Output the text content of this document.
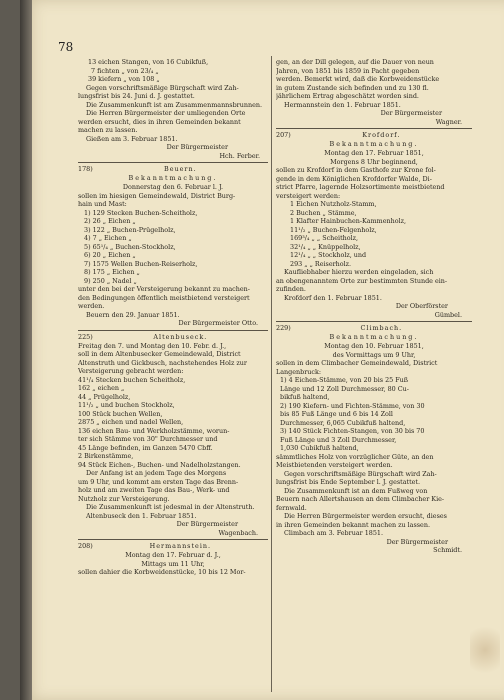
78
13 eichen Stangen, von 16 Cubikfuß,
7 fichten „ von 23/₄ „
39 kiefern „ von 108 „
Gegen vorschriftsmäßige Bürgschaft wird Zah-
lungsfrist bis 24. Juni d. J. gestattet.
Die Zusammenkunft ist am Zusammenmannsbrunnen.
Die Herren Bürgermeister der umliegenden Orte
werden ersucht, dies in ihren Gemeinden bekannt
machen zu lassen.
Gießen am 3. Februar 1851.
Der Bürgermeister
Hch. Ferber.
178)	Beuern.
Bekanntmachung.
Donnerstag den 6. Februar l. J.
sollen im hiesigen Gemeindewald, District Burg-
hain und Mast:
1) 129 Stecken Buchen-Scheitholz,
2) 26 „ Eichen „
3) 122 „ Buchen-Prügelholz,
4) 7 „ Eichen „
5) 65¹/₄ „ Buchen-Stockholz,
6) 20 „ Eichen „
7) 1575 Wellen Buchen-Reiserholz,
8) 175 „ Eichen „
9) 250 „ Nadel „
unter den bei der Versteigerung bekannt zu machen-
den Bedingungen öffentlich meistbietend versteigert
werden.
Beuern den 29. Januar 1851.
Der Bürgermeister Otto.
225)	Altenbuseck.
Freitag den 7. und Montag den 10. Febr. d. J.,
soll in dem Altenbusecker Gemeindewald, District
Altenstruth und Gickbusch, nachstehendes Holz zur
Versteigerung gebracht werden:
41¹/₄ Stecken buchen Scheitholz,
162 „ eichen „
44 „ Prügelholz,
11¹/₂ „ und buchen Stockholz,
100 Stück buchen Wellen,
2875 „ eichen und nadel Wellen,
136 eichen Bau- und Werkholzstämme, worun-
ter sich Stämme von 30" Durchmesser und
45 Länge befinden, im Ganzen 5470 Cbff.
2 Birkenstämme,
94 Stück Eichen-, Buchen- und Nadelholzstangen.
Der Anfang ist an jedem Tage des Morgens
um 9 Uhr, und kommt am ersten Tage das Brenn-
holz und am zweiten Tage das Bau-, Werk- und
Nutzholz zur Versteigerung.
Die Zusammenkunft ist jedesmal in der Altenstruth.
Altenbuseck den 1. Februar 1851.
Der Bürgermeister
Wagenbach.
208)	Hermannstein.
Montag den 17. Februar d. J.,
Mittags um 11 Uhr,
sollen dahier die Korbweidenstücke, 10 bis 12 Mor-
gen, an der Dill gelegen, auf die Dauer von neun
Jahren, von 1851 bis 1859 in Pacht gegeben
werden. Bemerkt wird, daß die Korbweidenstücke
in gutem Zustande sich befinden und zu 130 fl.
jährlichem Ertrag abgeschätzt worden sind.
Hermannstein den 1. Februar 1851.
Der Bürgermeister
Wagner.
207)	Krofdorf.
Bekanntmachung.
Montag den 17. Februar 1851,
Morgens 8 Uhr beginnend,
sollen zu Krofdorf in dem Gasthofe zur Krone fol-
gende in dem Königlichen Krofdorfer Walde, Di-
strict Pfarre, lagernde Holzsortimente meistbietend
versteigert werden:
1 Eichen Nutzholz-Stamm,
2 Buchen „ Stämme,
1 Klafter Hainbuchen-Kammenholz,
11¹/₂ „ Buchen-Felgenholz,
169³/₄ „ „ Scheitholz,
32¹/₄ „ „ Knüppelholz,
12¹/₄ „ „ Stockholz, und
293 „ „ Reiserholz.
Kaufliebhaber hierzu werden eingeladen, sich
an obengenanntem Orte zur bestimmten Stunde ein-
zufinden.
Krofdorf den 1. Februar 1851.
Der Oberförster
Gümbel.
229)	Climbach.
Bekanntmachung.
Montag den 10. Februar 1851,
des Vormittags um 9 Uhr,
sollen in dem Climbacher Gemeindewald, District
Langenbruck:
1) 4 Eichen-Stämme, von 20 bis 25 Fuß
Länge und 12 Zoll Durchmesser, 80 Cu-
bikfuß haltend,
2) 190 Kiefern- und Fichten-Stämme, von 30
bis 85 Fuß Länge und 6 bis 14 Zoll
Durchmesser, 6,065 Cubikfuß haltend,
3) 140 Stück Fichten-Stangen, von 30 bis 70
Fuß Länge und 3 Zoll Durchmesser,
1,030 Cubikfuß haltend,
sämmtliches Holz von vorzüglicher Güte, an den
Meistbietenden versteigert werden.
Gegen vorschriftsmäßige Bürgschaft wird Zah-
lungsfrist bis Ende September l. J. gestattet.
Die Zusammenkunft ist an dem Fußweg von
Beuern nach Allertshausen an dem Climbacher Kie-
fernwald.
Die Herren Bürgermeister werden ersucht, dieses
in ihren Gemeinden bekannt machen zu lassen.
Climbach am 3. Februar 1851.
Der Bürgermeister
Schmidt.
